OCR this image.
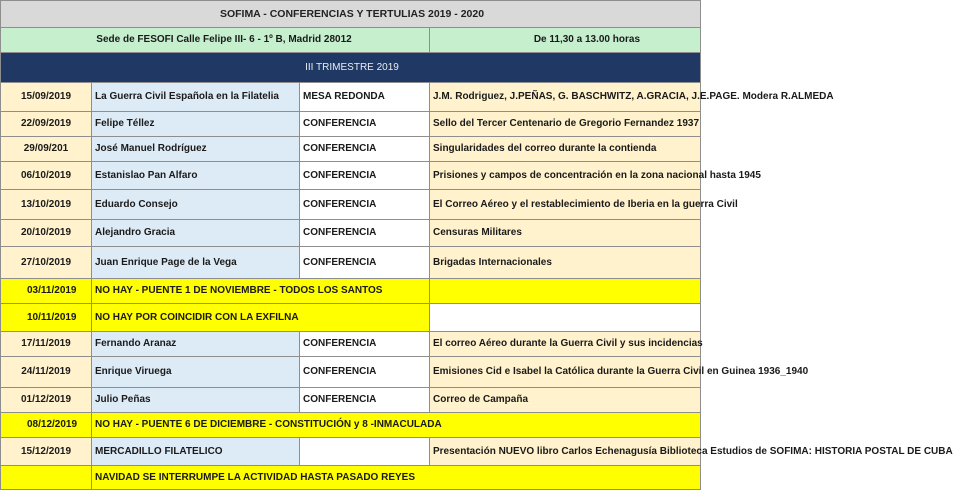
SOFIMA - CONFERENCIAS Y TERTULIAS 2019 - 2020			
Sede de FESOFI Calle Felipe III- 6 - 1º B, Madrid 28012			De 11,30 a 13.00 horas
III TRIMESTRE 2019			
15/09/2019	La Guerra Civil Española en la Filatelia	MESA REDONDA	J.M. Rodriguez, J.PEÑAS, G. BASCHWITZ, A.GRACIA, J.E.PAGE. Modera R.ALMEDA
22/09/2019	Felipe Téllez	CONFERENCIA	Sello del Tercer Centenario de Gregorio Fernandez 1937
29/09/201	José Manuel Rodríguez	CONFERENCIA	Singularidades del correo durante la contienda
06/10/2019	Estanislao Pan Alfaro	CONFERENCIA	Prisiones y campos de concentración en la zona nacional hasta 1945
13/10/2019	Eduardo Consejo	CONFERENCIA	El Correo Aéreo y el restablecimiento de Iberia en la guerra Civil
20/10/2019	Alejandro Gracia	CONFERENCIA	Censuras Militares
27/10/2019	Juan Enrique Page de la Vega	CONFERENCIA	Brigadas Internacionales
03/11/2019	NO HAY - PUENTE 1 DE NOVIEMBRE - TODOS LOS SANTOS		
10/11/2019	NO HAY POR COINCIDIR CON LA EXFILNA		
17/11/2019	Fernando Aranaz	CONFERENCIA	El correo Aéreo durante la Guerra Civil y sus incidencias
24/11/2019	Enrique Viruega	CONFERENCIA	Emisiones Cid e Isabel la Católica durante la Guerra Civil en Guinea 1936_1940
01/12/2019	Julio Peñas	CONFERENCIA	Correo de Campaña
08/12/2019	NO HAY - PUENTE 6 DE DICIEMBRE - CONSTITUCIÓN y 8 -INMACULADA		
15/12/2019	MERCADILLO FILATELICO		Presentación NUEVO libro Carlos Echenagusía Biblioteca Estudios de SOFIMA: HISTORIA POSTAL DE CUBA
	NAVIDAD SE INTERRUMPE LA ACTIVIDAD HASTA PASADO REYES		
